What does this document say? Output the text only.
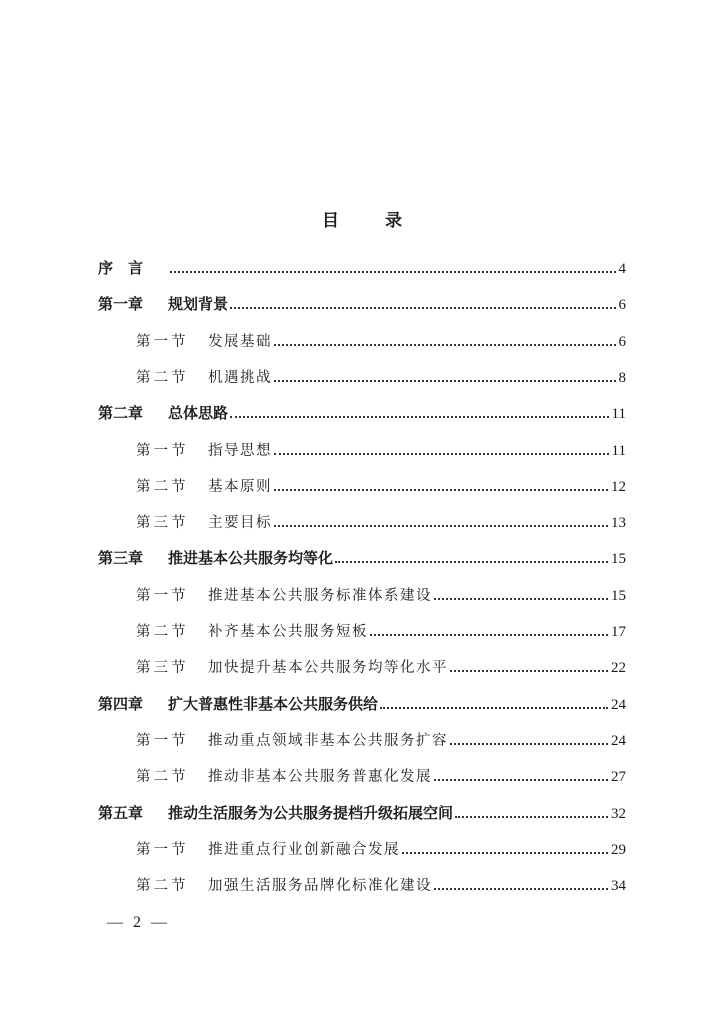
目 录
序　言	4
第一章	规划背景	6
第一节	发展基础	6
第二节	机遇挑战	8
第二章	总体思路	11
第一节	指导思想	11
第二节	基本原则	12
第三节	主要目标	13
第三章	推进基本公共服务均等化	15
第一节	推进基本公共服务标准体系建设	15
第二节	补齐基本公共服务短板	17
第三节	加快提升基本公共服务均等化水平	22
第四章	扩大普惠性非基本公共服务供给	24
第一节	推动重点领域非基本公共服务扩容	24
第二节	推动非基本公共服务普惠化发展	27
第五章	推动生活服务为公共服务提档升级拓展空间	32
第一节	推进重点行业创新融合发展	29
第二节	加强生活服务品牌化标准化建设	34
— 2 —
